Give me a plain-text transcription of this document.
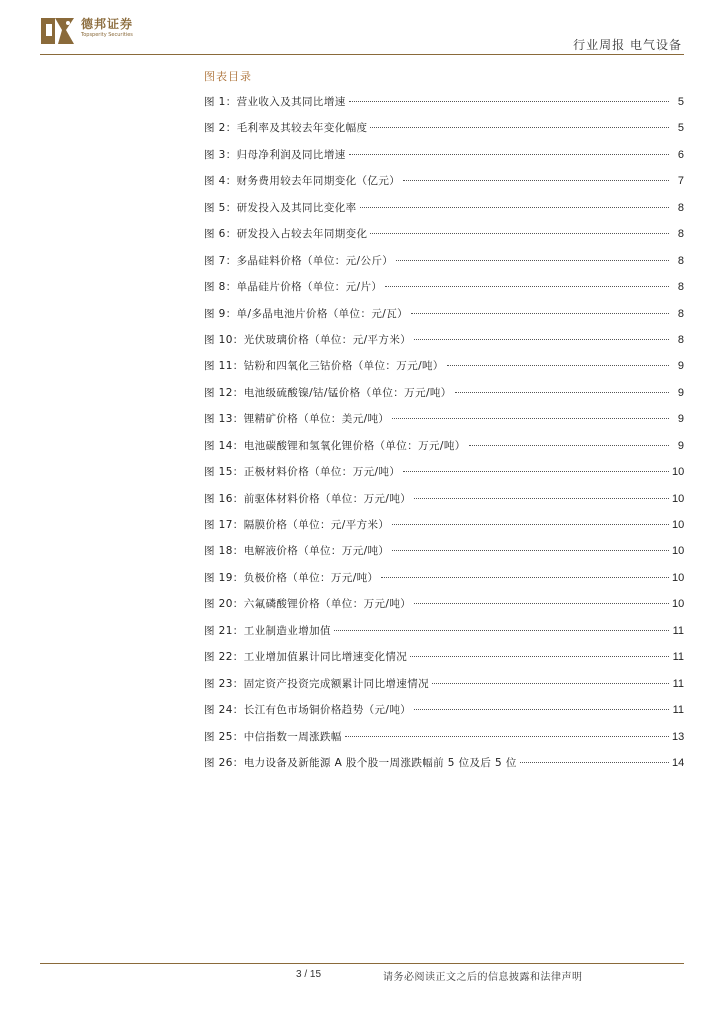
德邦证券
Topsperity Securities
行业周报 电气设备
图表目录
图 1：营业收入及其同比增速	5
图 2：毛利率及其较去年变化幅度	5
图 3：归母净利润及同比增速	6
图 4：财务费用较去年同期变化（亿元）	7
图 5：研发投入及其同比变化率	8
图 6：研发投入占较去年同期变化	8
图 7：多晶硅料价格（单位：元/公斤）	8
图 8：单晶硅片价格（单位：元/片）	8
图 9：单/多晶电池片价格（单位：元/瓦）	8
图 10：光伏玻璃价格（单位：元/平方米）	8
图 11：钴粉和四氧化三钴价格（单位：万元/吨）	9
图 12：电池级硫酸镍/钴/锰价格（单位：万元/吨）	9
图 13：锂精矿价格（单位：美元/吨）	9
图 14：电池碳酸锂和氢氧化锂价格（单位：万元/吨）	9
图 15：正极材料价格（单位：万元/吨）	10
图 16：前驱体材料价格（单位：万元/吨）	10
图 17：隔膜价格（单位：元/平方米）	10
图 18：电解液价格（单位：万元/吨）	10
图 19：负极价格（单位：万元/吨）	10
图 20：六氟磷酸锂价格（单位：万元/吨）	10
图 21：工业制造业增加值	11
图 22：工业增加值累计同比增速变化情况	11
图 23：固定资产投资完成额累计同比增速情况	11
图 24：长江有色市场铜价格趋势（元/吨）	11
图 25：中信指数一周涨跌幅	13
图 26：电力设备及新能源 A 股个股一周涨跌幅前 5 位及后 5 位	14
3 / 15	请务必阅读正文之后的信息披露和法律声明
